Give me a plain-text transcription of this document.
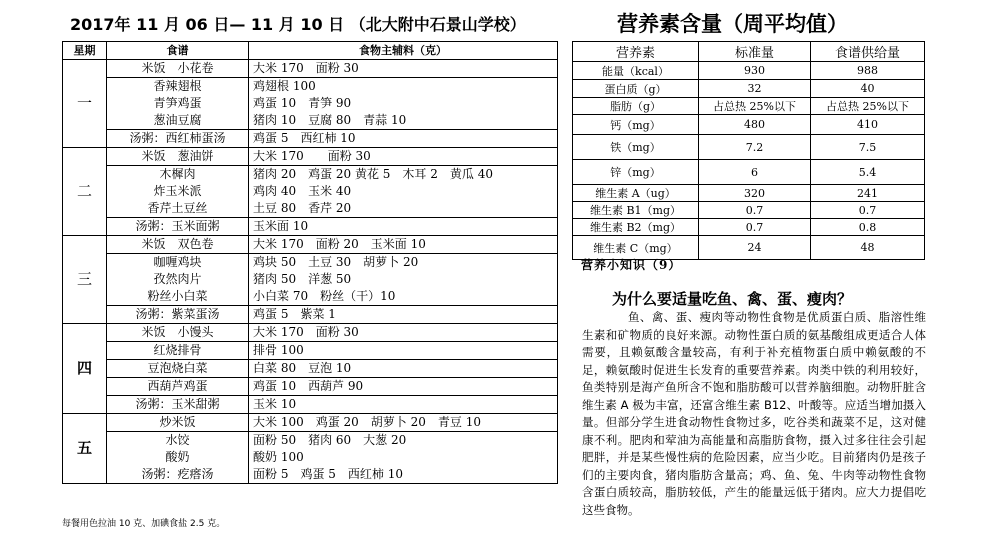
2017年 11 月 06 日— 11 月 10 日 （北大附中石景山学校）
星期	食谱	食物主辅料（克）
一	米饭　小花卷	大米 170　面粉 30
	香辣翅根	鸡翅根 100
	青笋鸡蛋	鸡蛋 10　青笋 90
	葱油豆腐	猪肉 10　豆腐 80　青蒜 10
	汤粥：西红柿蛋汤	鸡蛋 5　西红柿 10
二	米饭　葱油饼	大米 170　　面粉 30
	木樨肉	猪肉 20　鸡蛋 20 黄花 5　木耳 2　黄瓜 40
	炸玉米派	鸡肉 40　玉米 40
	香芹土豆丝	土豆 80　香芹 20
	汤粥：玉米面粥	玉米面 10
三	米饭　双色卷	大米 170　面粉 20　玉米面 10
	咖喱鸡块	鸡块 50　土豆 30　胡萝卜 20
	孜然肉片	猪肉 50　洋葱 50
	粉丝小白菜	小白菜 70　粉丝（干）10
	汤粥：紫菜蛋汤	鸡蛋 5　紫菜 1
四	米饭　小馒头	大米 170　面粉 30
	红烧排骨	排骨 100
	豆泡烧白菜	白菜 80　豆泡 10
	西葫芦鸡蛋	鸡蛋 10　西葫芦 90
	汤粥：玉米甜粥	玉米 10
五	炒米饭	大米 100　鸡蛋 20　胡萝卜 20　青豆 10
	水饺	面粉 50　猪肉 60　大葱 20
	酸奶	酸奶 100
	汤粥：疙瘩汤	面粉 5　鸡蛋 5　西红柿 10
每餐用色拉油 10 克、加碘食盐 2.5 克。
营养素含量（周平均值）
营养素	标准量	食谱供给量
能量（kcal）	930	988
蛋白质（g）	32	40
脂肪（g）	占总热 25%以下	占总热 25%以下
钙（mg）	480	410
铁（mg）	7.2	7.5
锌（mg）	6	5.4
维生素 A（ug）	320	241
维生素 B1（mg）	0.7	0.7
维生素 B2（mg）	0.7	0.8
维生素 C（mg）	24	48
营养小知识（9）
为什么要适量吃鱼、禽、蛋、瘦肉？
鱼、禽、蛋、瘦肉等动物性食物是优质蛋白质、脂溶性维生素和矿物质的良好来源。动物性蛋白质的氨基酸组成更适合人体需要，且赖氨酸含量较高，有利于补充植物蛋白质中赖氨酸的不足，赖氨酸时促进生长发育的重要营养素。肉类中铁的利用较好，鱼类特别是海产鱼所含不饱和脂肪酸可以营养脑细胞。动物肝脏含维生素 A 极为丰富，还富含维生素 B12、叶酸等。应适当增加摄入量。但部分学生进食动物性食物过多，吃谷类和蔬菜不足，这对健康不利。肥肉和荤油为高能量和高脂肪食物，摄入过多往往会引起肥胖，并是某些慢性病的危险因素，应当少吃。目前猪肉仍是孩子们的主要肉食，猪肉脂肪含量高；鸡、鱼、兔、牛肉等动物性食物含蛋白质较高，脂肪较低，产生的能量远低于猪肉。应大力提倡吃这些食物。
